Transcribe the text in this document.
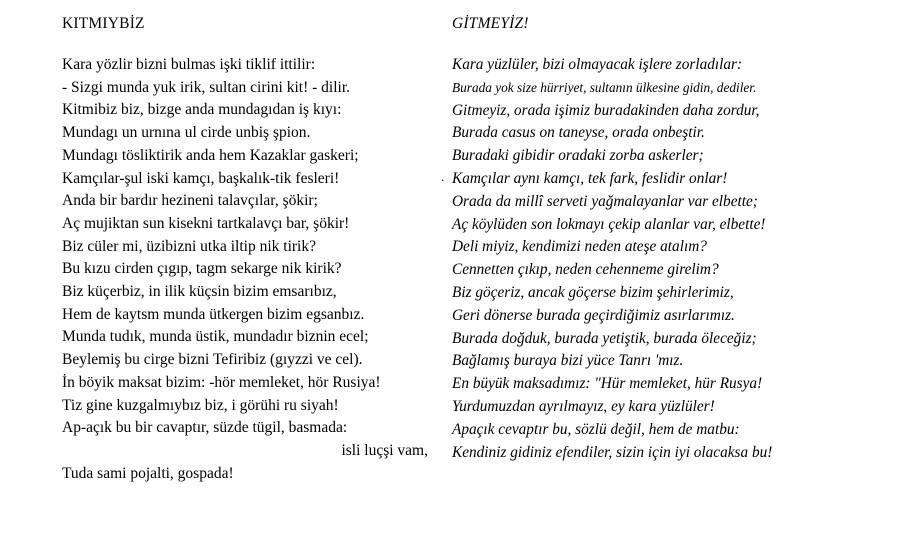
KITMIYBİZ
Kara yözlir bizni bulmas işki tiklif ittilir:
- Sizgi munda yuk irik, sultan cirini kit! - dilir.
Kitmibiz biz, bizge anda mundagıdan iş kıyı:
Mundagı un urnına ul cirde unbiş şpion.
Mundagı tösliktirik anda hem Kazaklar gaskeri;
Kamçılar-şul iski kamçı, başkalık-tik fesleri!
Anda bir bardır hezineni talavçılar, şökir;
Aç mujiktan sun kisekni tartkalavçı bar, şökir!
Biz cüler mi, üzibizni utka iltip nik tirik?
Bu kızu cirden çıgıp, tagm sekarge nik kirik?
Biz küçerbiz, in ilik küçsin bizim emsarıbız,
Hem de kaytsm munda ütkergen bizim egsanbız.
Munda tudık, munda üstik, mundadır biznin ecel;
Beylemiş bu cirge bizni Tefiribiz (gıyzzi ve cel).
İn böyik maksat bizim: -hör memleket, hör Rusiya!
Tiz gine kuzgalmıybız biz, i görühi ru siyah!
Ap-açık bu bir cavaptır, süzde tügil, basmada:
isli luçşi vam,
Tuda sami pojalti, gospada!
GİTMEYİZ!
Kara yüzlüler, bizi olmayacak işlere zorladılar:
Burada yok size hürriyet, sultanın ülkesine gidin, dediler.
Gitmeyiz, orada işimiz buradakinden daha zordur,
Burada casus on taneyse, orada onbeştir.
Buradaki gibidir oradaki zorba askerler;
Kamçılar aynı kamçı, tek fark, feslidir onlar!
Orada da millî serveti yağmalayanlar var elbette;
Aç köylüden son lokmayı çekip alanlar var, elbette!
Deli miyiz, kendimizi neden ateşe atalım?
Cennetten çıkıp, neden cehenneme girelim?
Biz göçeriz, ancak göçerse bizim şehirlerimiz,
Geri dönerse burada geçirdiğimiz asırlarımız.
Burada doğduk, burada yetiştik, burada öleceğiz;
Bağlamış buraya bizi yüce Tanrı 'mız.
En büyük maksadımız: "Hür memleket, hür Rusya!
Yurdumuzdan ayrılmayız, ey kara yüzlüler!
Apaçık cevaptır bu, sözlü değil, hem de matbu:
Kendiniz gidiniz efendiler, sizin için iyi olacaksa bu!
.
